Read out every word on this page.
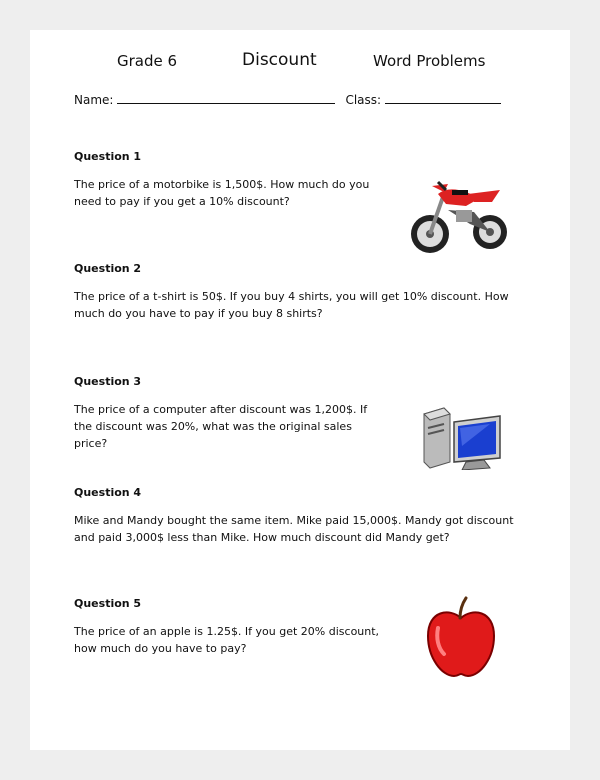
Grade 6	Discount	Word Problems
Name:	Class:
Question 1
The price of a motorbike is 1,500$. How much do you need to pay if you get a 10% discount?
Question 2
The price of a t-shirt is 50$. If you buy 4 shirts, you will get 10% discount. How much do you have to pay if you buy 8 shirts?
Question 3
The price of a computer after discount was 1,200$. If the discount was 20%, what was the original sales price?
Question 4
Mike and Mandy bought the same item. Mike paid 15,000$. Mandy got discount and paid 3,000$ less than Mike. How much discount did Mandy get?
Question 5
The price of an apple is 1.25$. If you get 20% discount, how much do you have to pay?
